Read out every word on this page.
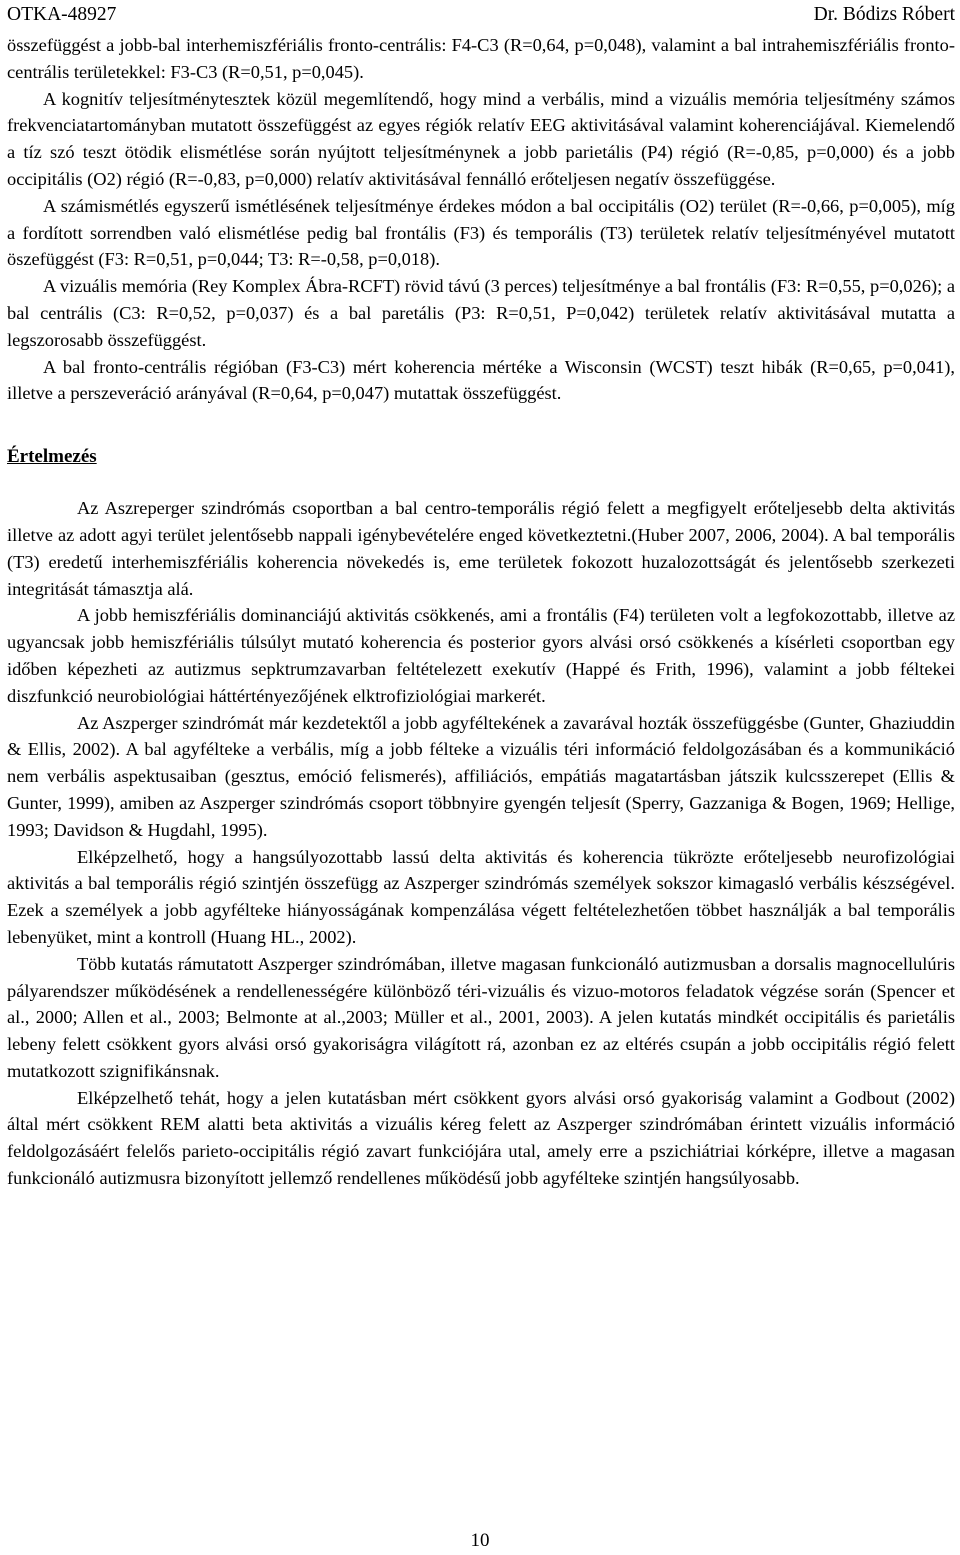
OTKA-48927	Dr. Bódizs Róbert

összefüggést a jobb-bal interhemiszfériális fronto-centrális: F4-C3 (R=0,64, p=0,048), valamint a bal intrahemiszfériális fronto-centrális területekkel: F3-C3 (R=0,51, p=0,045).

A kognitív teljesítménytesztek közül megemlítendő, hogy mind a verbális, mind a vizuális memória teljesítmény számos frekvenciatartományban mutatott összefüggést az egyes régiók relatív EEG aktivitásával valamint koherenciájával. Kiemelendő a tíz szó teszt ötödik elismétlése során nyújtott teljesítménynek a jobb parietális (P4) régió (R=-0,85, p=0,000) és a jobb occipitális (O2) régió (R=-0,83, p=0,000) relatív aktivitásával fennálló erőteljesen negatív összefüggése.

A számismétlés egyszerű ismétlésének teljesítménye érdekes módon a bal occipitális (O2) terület (R=-0,66, p=0,005), míg a fordított sorrendben való elismétlése pedig bal frontális (F3) és temporális (T3) területek relatív teljesítményével mutatott öszefüggést (F3: R=0,51, p=0,044; T3: R=-0,58, p=0,018).

A vizuális memória (Rey Komplex Ábra-RCFT) rövid távú (3 perces) teljesítménye a bal frontális (F3: R=0,55, p=0,026); a bal centrális (C3: R=0,52, p=0,037) és a bal paretális (P3: R=0,51, P=0,042) területek relatív aktivitásával mutatta a legszorosabb összefüggést.

A bal fronto-centrális régióban (F3-C3) mért koherencia mértéke a Wisconsin (WCST) teszt hibák (R=0,65, p=0,041), illetve a perszeveráció arányával (R=0,64, p=0,047) mutattak összefüggést.

Értelmezés

Az Aszreperger szindrómás csoportban a bal centro-temporális régió felett a megfigyelt erőteljesebb delta aktivitás illetve az adott agyi terület jelentősebb nappali igénybevételére enged következtetni.(Huber 2007, 2006, 2004). A bal temporális (T3) eredetű interhemiszfériális koherencia növekedés is, eme területek fokozott huzalozottságát és jelentősebb szerkezeti integritását támasztja alá.

A jobb hemiszfériális dominanciájú aktivitás csökkenés, ami a frontális (F4) területen volt a legfokozottabb, illetve az ugyancsak jobb hemiszfériális túlsúlyt mutató koherencia és posterior gyors alvási orsó csökkenés a kísérleti csoportban egy időben képezheti az autizmus sepktrumzavarban feltételezett exekutív (Happé és Frith, 1996), valamint a jobb féltekei diszfunkció neurobiológiai háttértényezőjének elktrofiziológiai markerét.

Az Aszperger szindrómát már kezdetektől a jobb agyféltekének a zavarával hozták összefüggésbe (Gunter, Ghaziuddin & Ellis, 2002). A bal agyfélteke a verbális, míg a jobb félteke a vizuális téri információ feldolgozásában és a kommunikáció nem verbális aspektusaiban (gesztus, emóció felismerés), affiliációs, empátiás magatartásban játszik kulcsszerepet (Ellis & Gunter, 1999), amiben az Aszperger szindrómás csoport többnyire gyengén teljesít (Sperry, Gazzaniga & Bogen, 1969; Hellige, 1993; Davidson & Hugdahl, 1995).

Elképzelhető, hogy a hangsúlyozottabb lassú delta aktivitás és koherencia tükrözte erőteljesebb neurofizológiai aktivitás a bal temporális régió szintjén összefügg az Aszperger szindrómás személyek sokszor kimagasló verbális készségével. Ezek a személyek a jobb agyféltekе hiányosságának kompenzálása végett feltételezhetően többet használják a bal temporális lebenyüket, mint a kontroll (Huang HL., 2002).

Több kutatás rámutatott Aszperger szindrómában, illetve magasan funkcionáló autizmusban a dorsalis magnocellulúris pályarendszer működésének a rendellenességére különböző téri-vizuális és vizuo-motoros feladatok végzése során (Spencer et al., 2000; Allen et al., 2003; Belmonte at al.,2003; Müller et al., 2001, 2003). A jelen kutatás mindkét occipitális és parietális lebeny felett csökkent gyors alvási orsó gyakoriságra világított rá, azonban ez az eltérés csupán a jobb occipitális régió felett mutatkozott szignifikánsnak.

Elképzelhető tehát, hogy a jelen kutatásban mért csökkent gyors alvási orsó gyakoriság valamint a Godbout (2002) által mért csökkent REM alatti beta aktivitás a vizuális kéreg felett az Aszperger szindrómában érintett vizuális információ feldolgozásáért felelős parieto-occipitális régió zavart funkciójára utal, amely erre a pszichiátriai kórképre, illetve a magasan funkcionáló autizmusra bizonyított jellemző rendellenes működésű jobb agyfélteke szintjén hangsúlyosabb.

10
